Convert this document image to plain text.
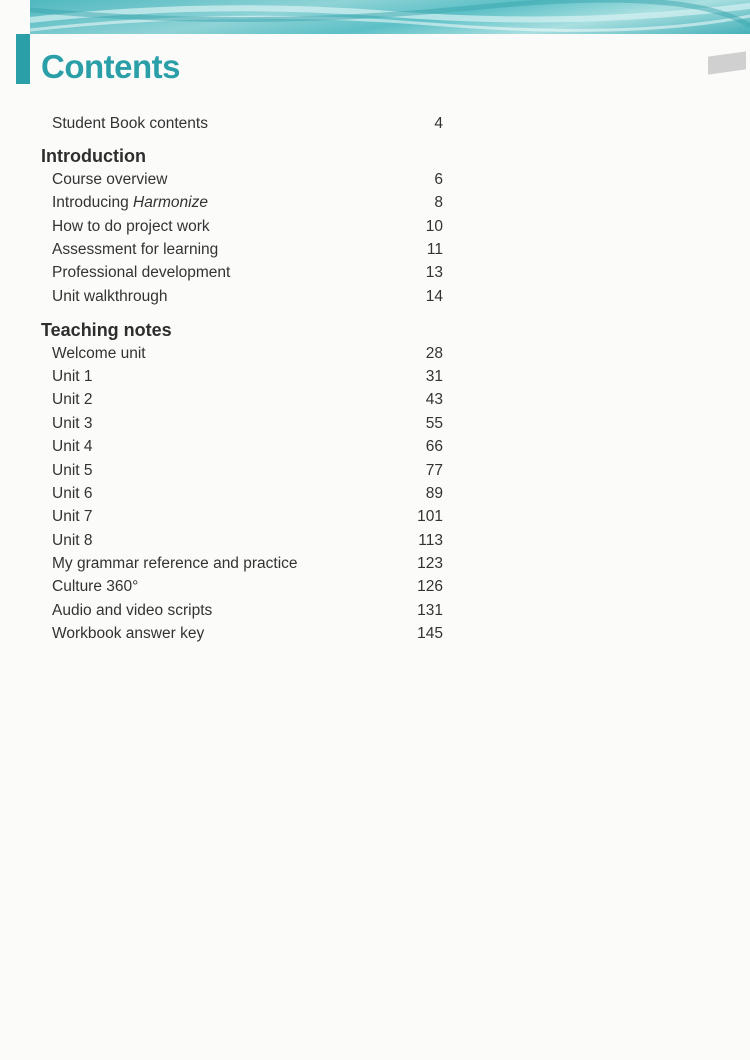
Contents
Student Book contents	4
Introduction
Course overview	6
Introducing Harmonize	8
How to do project work	10
Assessment for learning	11
Professional development	13
Unit walkthrough	14
Teaching notes
Welcome unit	28
Unit 1	31
Unit 2	43
Unit 3	55
Unit 4	66
Unit 5	77
Unit 6	89
Unit 7	101
Unit 8	113
My grammar reference and practice	123
Culture 360°	126
Audio and video scripts	131
Workbook answer key	145
